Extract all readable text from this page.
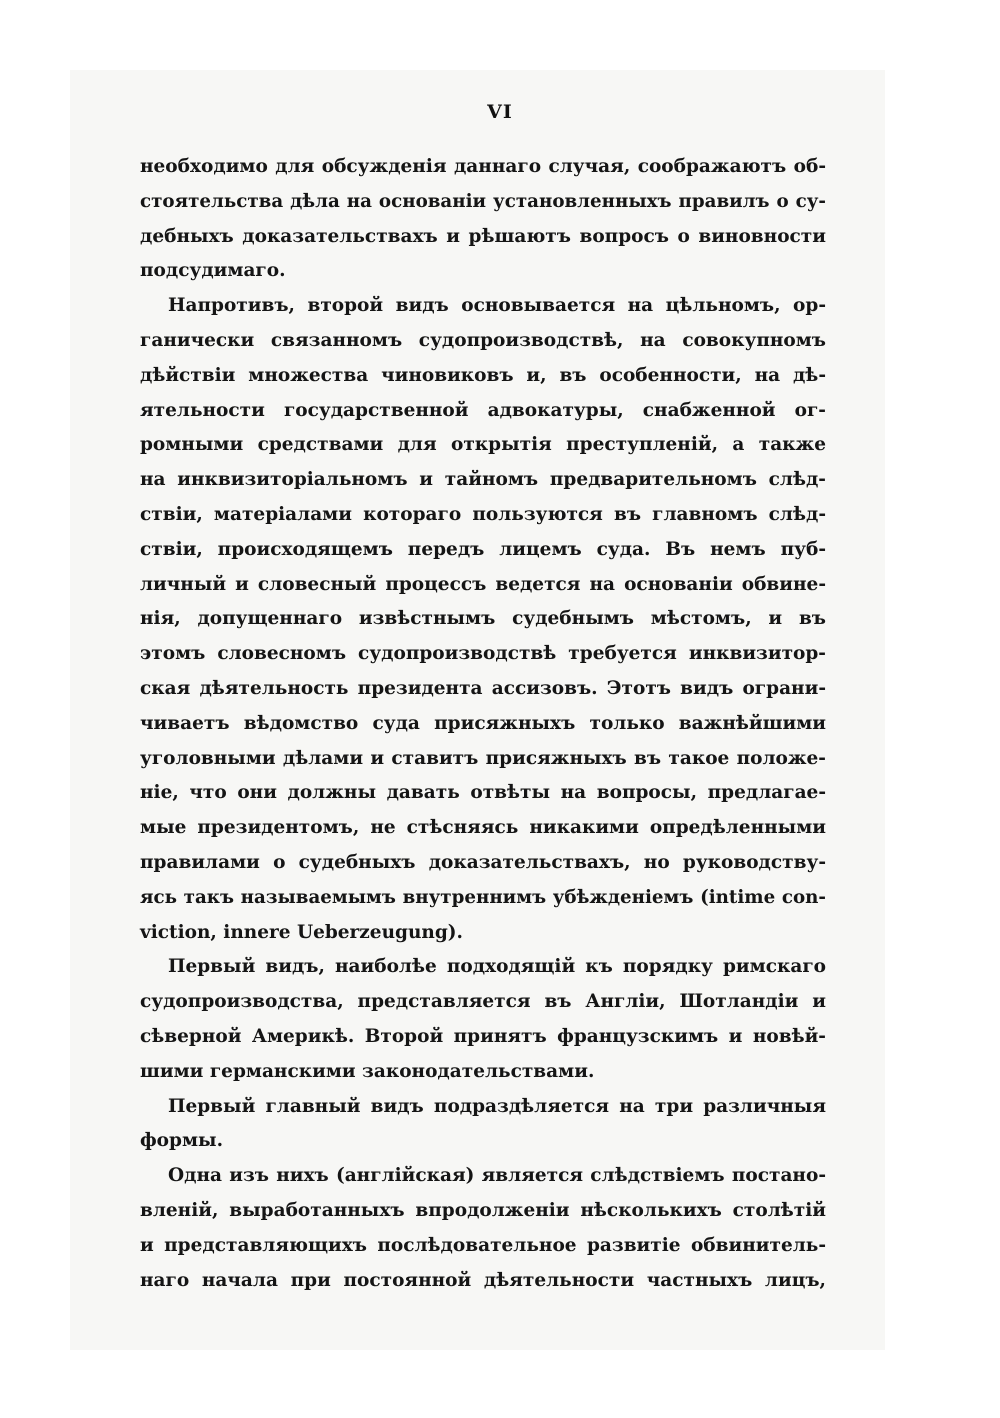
VI
необходимо для обсужденія даннаго случая, соображаютъ об-
стоятельства дѣла на основаніи установленныхъ правилъ о су-
дебныхъ доказательствахъ и рѣшаютъ вопросъ о виновности
подсудимаго.
Напротивъ, второй видъ основывается на цѣльномъ, ор-
ганически связанномъ судопроизводствѣ, на совокупномъ
дѣйствіи множества чиновиковъ и, въ особенности, на дѣ-
ятельности государственной адвокатуры, снабженной ог-
ромными средствами для открытія преступленій, а также
на инквизиторіальномъ и тайномъ предварительномъ слѣд-
ствіи, матеріалами котораго пользуются въ главномъ слѣд-
ствіи, происходящемъ передъ лицемъ суда. Въ немъ пуб-
личный и словесный процессъ ведется на основаніи обвине-
нія, допущеннаго извѣстнымъ судебнымъ мѣстомъ, и въ
этомъ словесномъ судопроизводствѣ требуется инквизитор-
ская дѣятельность президента ассизовъ. Этотъ видъ ограни-
чиваетъ вѣдомство суда присяжныхъ только важнѣйшими
уголовными дѣлами и ставитъ присяжныхъ въ такое положе-
ніе, что они должны давать отвѣты на вопросы, предлагае-
мые президентомъ, не стѣсняясь никакими опредѣленными
правилами о судебныхъ доказательствахъ, но руководству-
ясь такъ называемымъ внутреннимъ убѣжденіемъ (intime con-
viction, innere Ueberzeugung).
Первый видъ, наиболѣе подходящій къ порядку римскаго
судопроизводства, представляется въ Англіи, Шотландіи и
сѣверной Америкѣ. Второй принятъ французскимъ и новѣй-
шими германскими законодательствами.
Первый главный видъ подраздѣляется на три различныя
формы.
Одна изъ нихъ (англійская) является слѣдствіемъ постано-
вленій, выработанныхъ впродолженіи нѣсколькихъ столѣтій
и представляющихъ послѣдовательное развитіе обвинитель-
наго начала при постоянной дѣятельности частныхъ лицъ,
